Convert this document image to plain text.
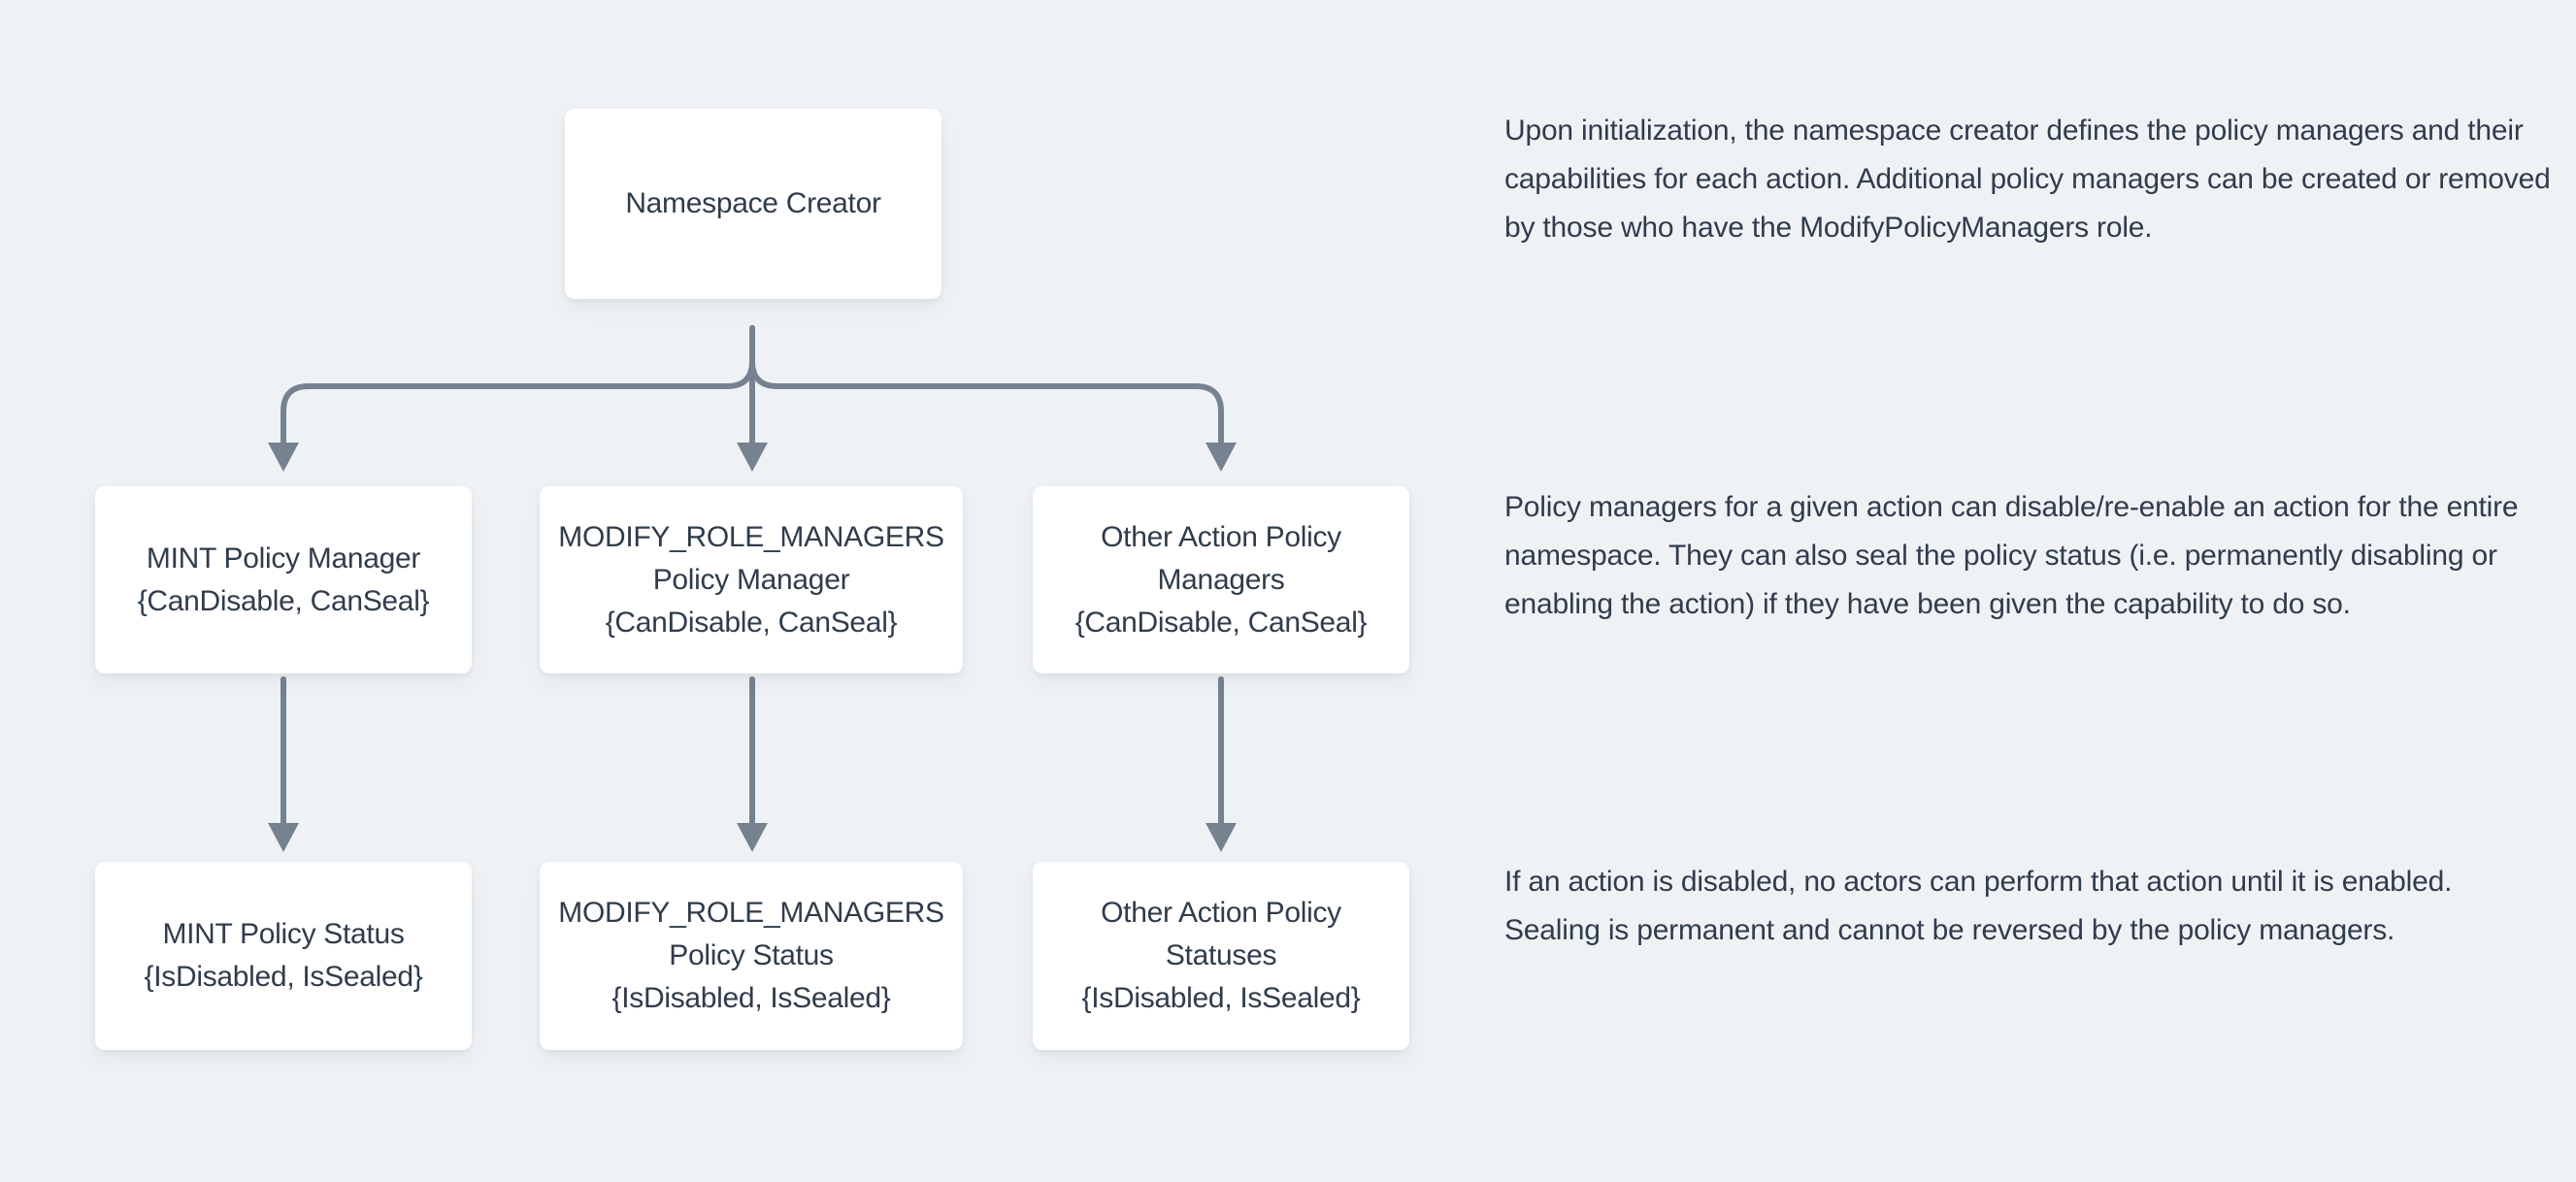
Namespace Creator
MINT Policy Manager
{CanDisable, CanSeal}
MODIFY_ROLE_MANAGERS
Policy Manager
{CanDisable, CanSeal}
Other Action Policy
Managers
{CanDisable, CanSeal}
MINT Policy Status
{IsDisabled, IsSealed}
MODIFY_ROLE_MANAGERS
Policy Status
{IsDisabled, IsSealed}
Other Action Policy
Statuses
{IsDisabled, IsSealed}

Upon initialization, the namespace creator defines the policy managers and their capabilities for each action. Additional policy managers can be created or removed by those who have the ModifyPolicyManagers role.

Policy managers for a given action can disable/re-enable an action for the entire namespace. They can also seal the policy status (i.e. permanently disabling or enabling the action) if they have been given the capability to do so.

If an action is disabled, no actors can perform that action until it is enabled. Sealing is permanent and cannot be reversed by the policy managers.
